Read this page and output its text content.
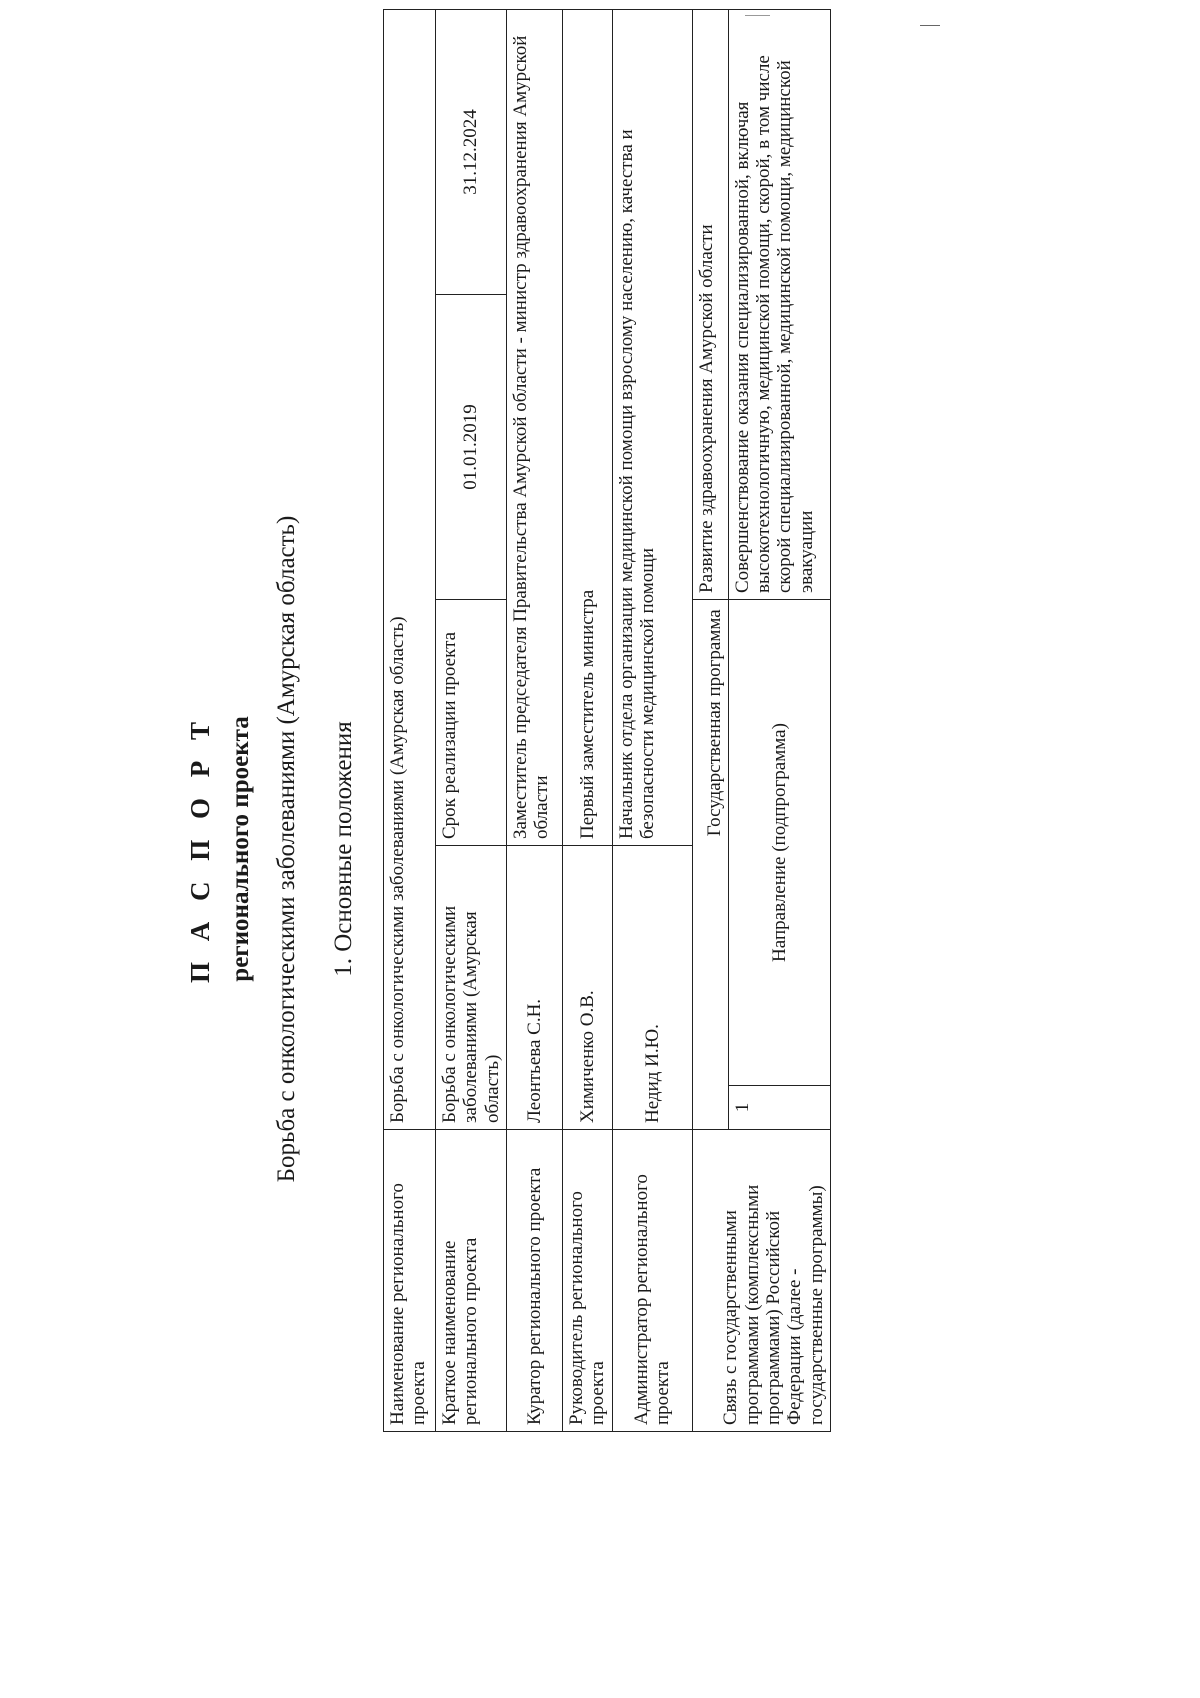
П А С П О Р Т регионального проекта Борьба с онкологическими заболеваниями (Амурская область) 1. Основные положения
Наименование регионального проекта	Борьба с онкологическими заболеваниями (Амурская область)				
Краткое наименование регионального проекта	Борьба с онкологическими заболеваниями (Амурская область)		Срок реализации проекта	01.01.2019	31.12.2024
Куратор регионального проекта	Леонтьева С.Н.		Заместитель председателя Правительства Амурской области - министр здравоохранения Амурской области		
Руководитель регионального проекта	Химиченко О.В.		Первый заместитель министра		
Администратор регионального проекта	Недид И.Ю.		Начальник отдела организации медицинской помощи взрослому населению, качества и безопасности медицинской помощи		
Связь с государственными программами (комплексными программами) Российской Федерации (далее - государственные программы)			Государственная программа	Развитие здравоохранения Амурской области	
	1	Направление (подпрограмма)		Совершенствование оказания специализированной, включая высокотехнологичную, медицинской помощи, скорой, в том числе скорой специализированной, медицинской помощи, медицинской эвакуации	
